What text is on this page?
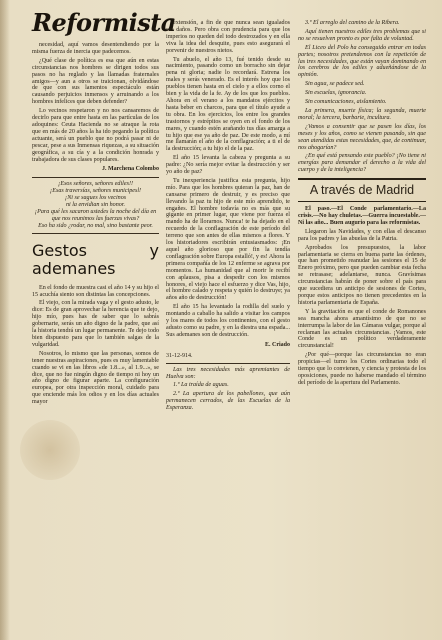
Reformista

necesidad, aquí vamos desentendiendo por la misma fuerza de inercia que padecemos.

¿Qué clase de política es esa que aún en estas circunstancias nos hombres se dirigen todos sus pasos no ha reglado y las llamadas fraternales amigos—y aun a otros se traicionan, olvidándose de que con sus lamentos espectáculo están causando perjuicios inmensos y arruinando a los hombres infelices que deben defender?

Lo vecinos respetaron y no nos cansaremos de decirlo para que entre hasta en las partículas de los adoquines: Ceuta Hacienda no se atraque la rota que en más de 20 años la ha ido pegando la política actuante, será un pueblo que no podrá pasar ni de pescar, pese a sus Inmensas riquezas, a su situación geográfica, a su cía y a la condición honrada y trabajadora de sus clases populares.

J. Marchena Colombo

¡Esos señores, señores ediles!!
¡Esas traversías, señores municipesl!
¡Ni se sagues los vecinos
ni la envidian sin honor.
¡Para qué les sacaron ustedes la noche del día en que nos reunimos las fuerzas vivas?
Eso ha sido ¿rodar, no mal, sino bastante peor.

Gestos y ademanes

En el fondo de muestra casi el año 14 y su hijo el 15 acuchía siento son distintas las concepciones.

El viejo, con la mirada vaga y el gesto adusto, le dice: Es de gran aprovechar la herencia que te dejo, hijo mío, pues has de saber que lo sabrás gobernarte, serás un año digno de la padre, que así la historia tendrá un lugar permanente. Te dejo todo bien dispuesto para que lo también salgas de la vulgaridad.

Nosotros, lo mismo que las personas, somos de tener nuestras aspiraciones, pues es muy lamentable cuando se vi en las libros «de 1.8...», al 1.9...», se dice, que no fue ningún digno de tiempo ni hoy un año digno de figurar aparte. La configuración europea, por otra inspección moral, cuidado para que enciende más los odios y en los días actuales mayor

extensión, a fin de que nunca sean igualados sus daños. Pero obra con prudencia para que los imperios no queden del todo destrozados y en ella viva la idea del desquite, pues esto asegurará el porvenir de nuestros nietos.

Tu abuelo, el año 13, fué tenido desde su nacimiento, pasando como un borracho sin dejar pena ni gloria; nadie lo recordará. Estrena los males y serás venerado. Es el interés hoy que los pueblos tienen hasta en el cielo y a ellos corno el bien y la vida de la fe. Ay de los que los pueblos. Ahora en el verano a los mandatos ejércitos y hasta beber en charcos, para que el título ayude a tu obra. En los ejercicios, los entre los grandes trastornos y estrépitos se oyen en el fondo de los mares, y cuando estén arañando tus días amarga a tu hijo que ese ya año de paz. De este modo, a mí me llamarán el año de la conflagración; a ti el de la destrucción; a tu hijo el de la paz.

El año 15 levanta la cabeza y pregunta a su padre: ¿No sería mejor evitar la destrucción y ser yo año de paz?

Tu inexperiencia justifica esta pregunta, hijo mío. Para que los hombres quieran la paz, han de cansarse primero de destruir, y es preciso que llevando la paz tu hijo de este mío aprendido, te engañes. El hombre todavía no es más que su gigante en primer lugar, que viene por fuerza el mando ha de llorarnos. Nunca! te ha dejado en el recuerdo de la conflagración de este período del terreno que son antes de ellas mismos a flores. Y los historiadores escribirán entusiasmados: ¡En aquel año glorioso que por fin la tendía conflagración sobre Europa estalló!, y es! Ahora la primera compañía de los 12 enferme se agrava por momentos. La humanidad que al morir le recibí con aplausos, pisa a despedir con los mismos honores, el viejo hace el esfuerzo y dice Vas, hijo, el hombre calado y respeta y quién lo destruye; ya años año de destrucción!

El año 15 ha levantado la rodilla del suelo y montando a caballo ha salido a visitar los campos y los mares de todos los continentes, con el gesto adusto como su padre, y en la diestra una espada... Sus ademanes son de destrucción.

E. Criado

31-12-914.

Las tres necesidades más apremiantes de Huelva son:

1.º La traída de aguas.

2.º La apertura de los pabellones, que aún permanecen cerrados, de las Escuelas de la Esperanza.

3.º El arreglo del camino de la Ribera.

Aquí tienen nuestros ediles tres problemas que si no se resuelven pronto es por falta de voluntad.

El Liceo del Polo ha conseguido entrar en todas partes; nosotros pretendemos con la repetición de las tres necesidades, que están vayan dominando en los cerebros de los ediles y adueñándose de la opinión.

Sin agua, se padece sed.

Sin escuelas, ignorancia.

Sin comunicaciones, aislamiento.

La primera, muerte física; la segunda, muerte moral; la tercera, barbarie, incultura.

¿Vamos a consentir que se pasen los días, los meses y los años, como se vienen pasando, sin que sean atendidas estas necesidades, que, de continuar, nos ahogarían?

¿En qué está pensando este pueblo? ¡No tiene ni energías para demandar el derecho a la vida del cuerpo y de la inteligencia?

A través de Madrid

El paso.—El Conde parlamentario.—La crisis.—No hay chuletas.—Guerra incuestable.—Ni las año... Buen augurio para las reformistas.

Llegaron las Navidades, y con ellas el descanso para los padres y las abuelas de la Patria.

Aprobados los presupuestos, la labor parlamentaria se cierra en buena parte las órdenes, que han prometido reanudar las sesiones el 15 de Enero próximo, pero que pueden cambiar esta fecha se retrasase; adelantarse, nunca. Gravísimas circunstancias habrán de poner sobre el país para que sucediera un anticipo de sesiones de Cortes, porque estos anticipos no tienen precedentes en la historia parlamentaria de España.

Y la gravitación es que el conde de Romanones sea mancha ahora amantísimo de que no se interrumpa la labor de las Cámaras vulgar, porque al reclaman las actuales circunstancias. ¡Vamos, este Conde es un político verdaderamente circunstancial!

¿Por qué—porque las circunstancias no eran propicias—el turno los Cortes ordinarias todo el tiempo que lo convienen, y ciencia y protesta de los oposiciones, puede no haberse mandado el término del período de la apertura del Parlamento.
